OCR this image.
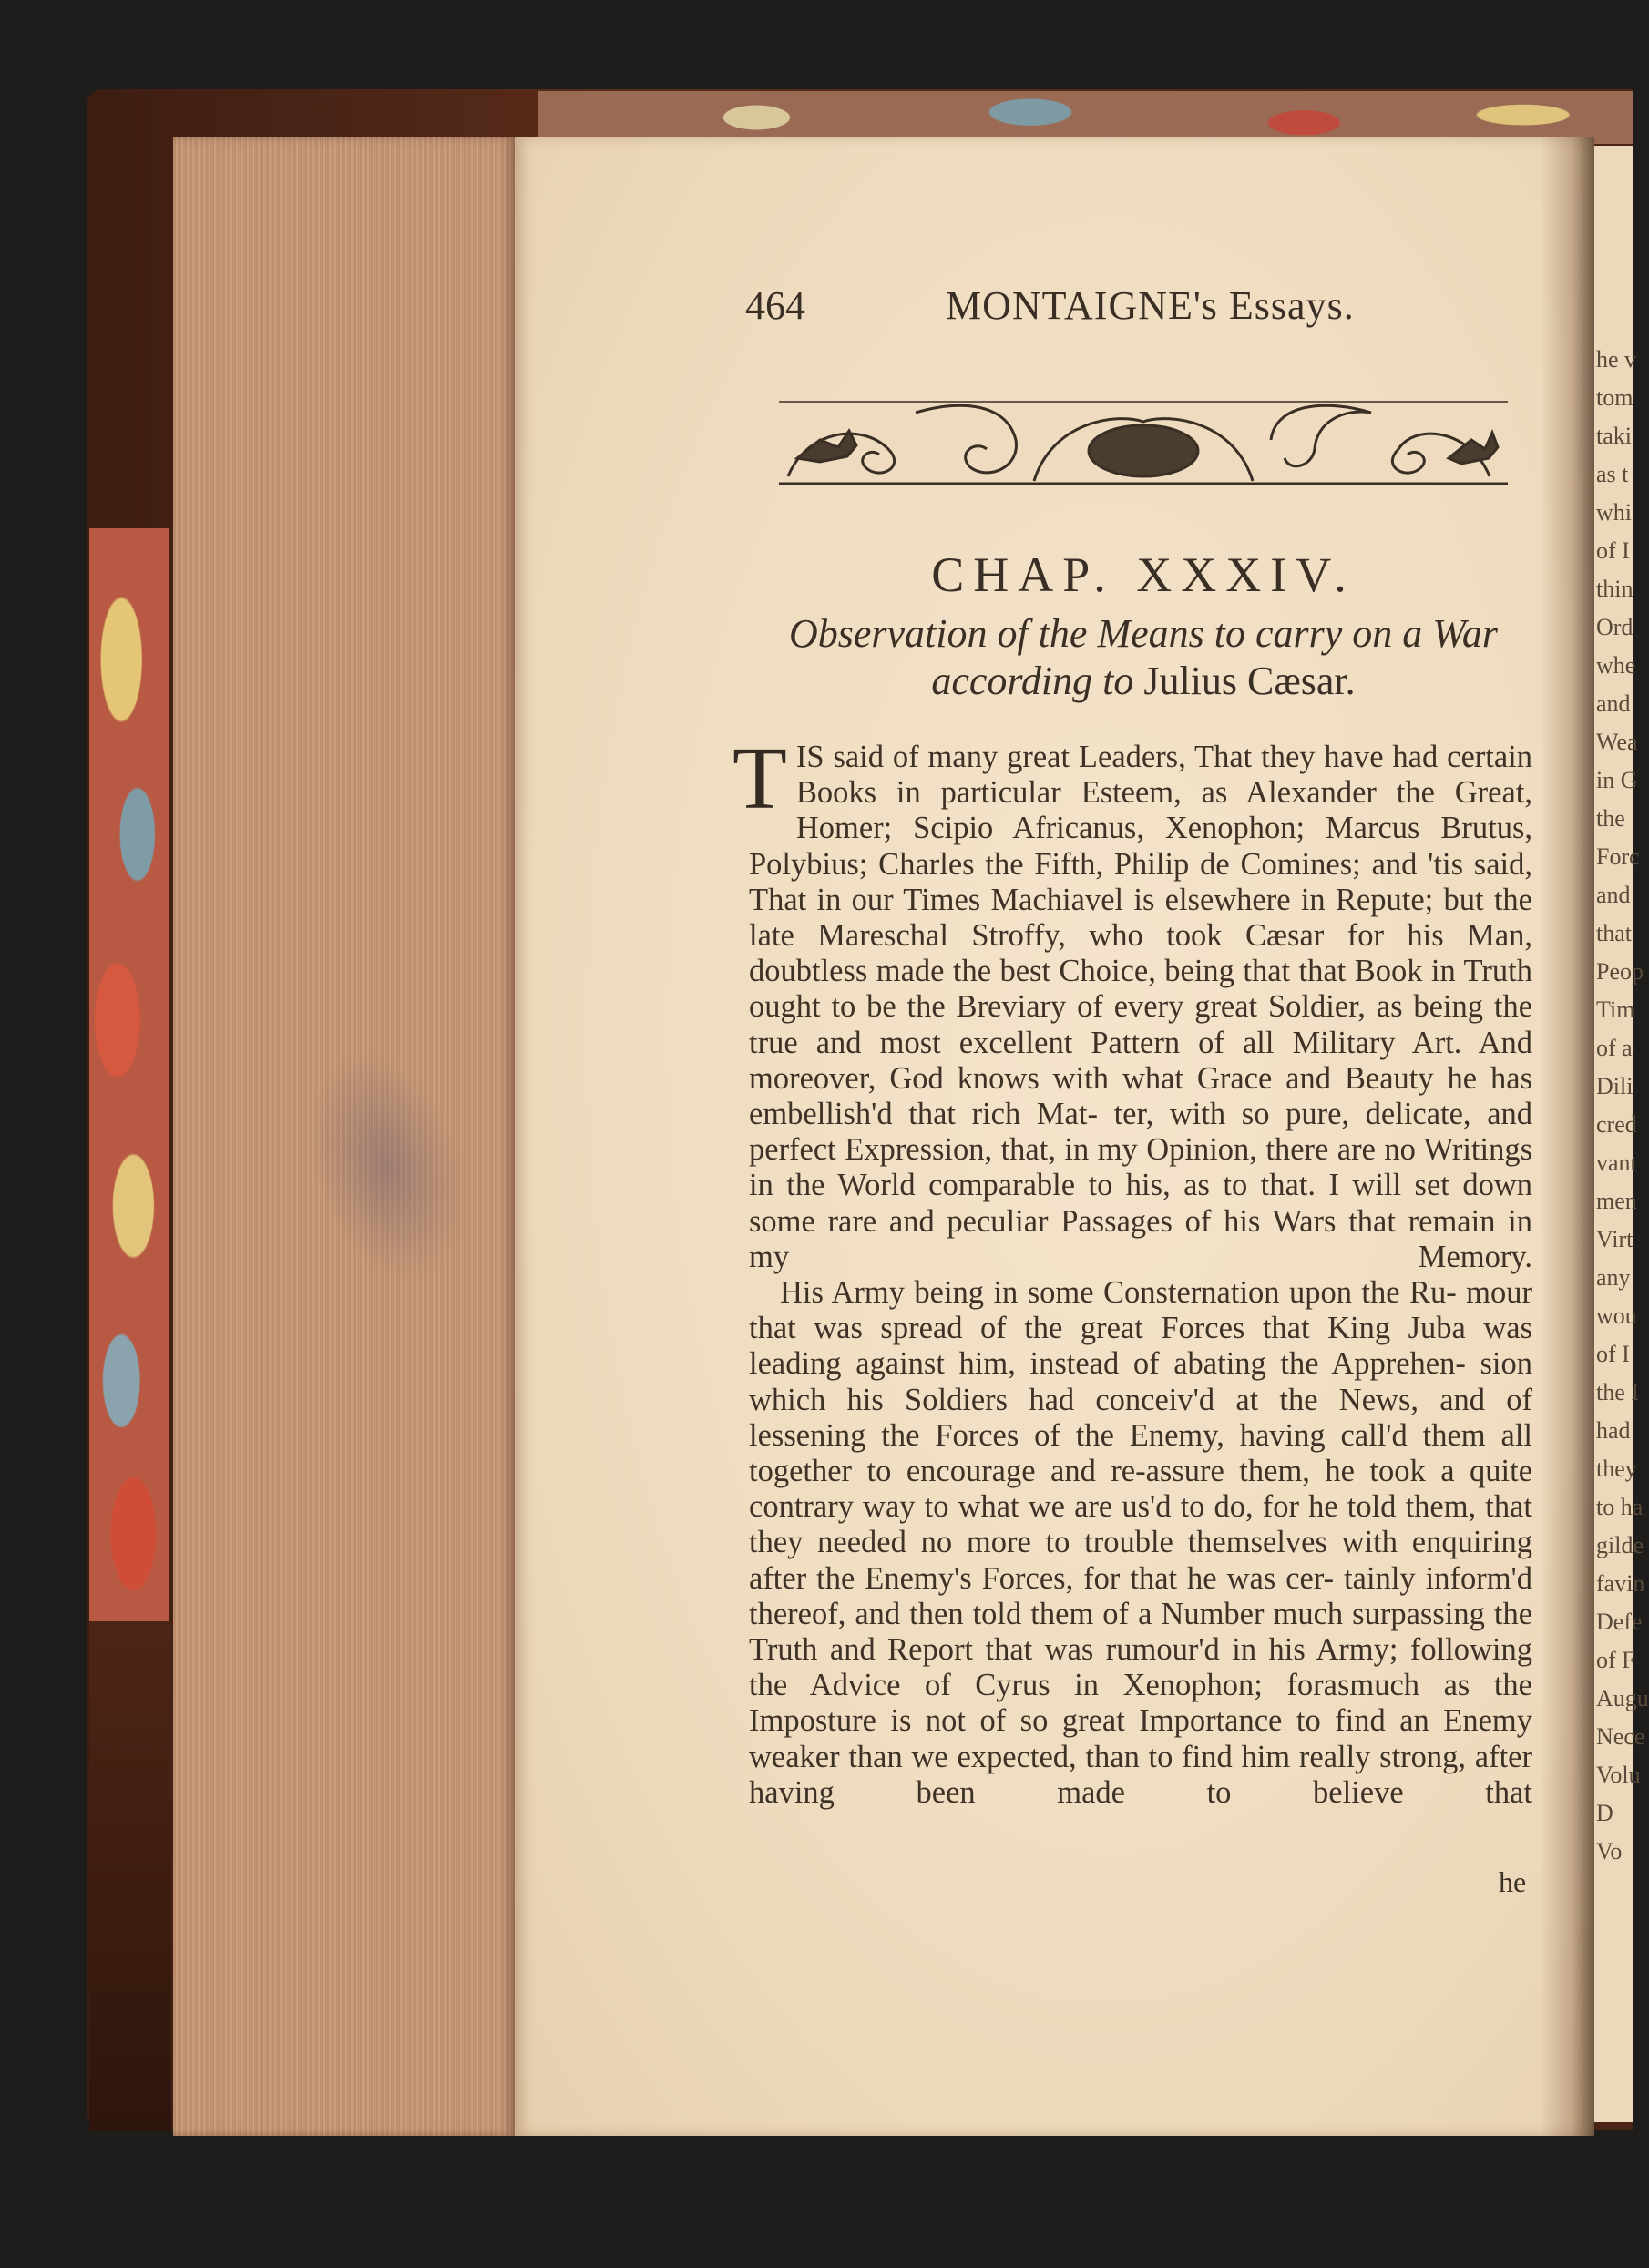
464	MONTAIGNE's Essays.
CHAP. XXXIV.
Observation of the Means to carry on a War according to Julius Cæsar.

TIS said of many great Leaders, That they have had certain Books in particular Esteem, as Alexander the Great, Homer; Scipio Africanus, Xenophon; Marcus Brutus, Polybius; Charles the Fifth, Philip de Comines; and 'tis said, That in our Times Machiavel is elsewhere in Repute; but the late Mareschal Stroffy, who took Cæsar for his Man, doubtless made the best Choice, being that that Book in Truth ought to be the Breviary of every great Soldier, as being the true and most excellent Pattern of all Military Art. And moreover, God knows with what Grace and Beauty he has embellish'd that rich Mat- ter, with so pure, delicate, and perfect Expression, that, in my Opinion, there are no Writings in the World comparable to his, as to that. I will set down some rare and peculiar Passages of his Wars that remain in my	Memory.

His Army being in some Consternation upon the Ru- mour that was spread of the great Forces that King Juba was leading against him, instead of abating the Apprehen- sion which his Soldiers had conceiv'd at the News, and of lessening the Forces of the Enemy, having call'd them all together to encourage and re-assure them, he took a quite contrary way to what we are us'd to do, for he told them, that they needed no more to trouble themselves with enquiring after the Enemy's Forces, for that he was cer- tainly inform'd thereof, and then told them of a Number much surpassing the Truth and Report that was rumour'd in his Army; following the Advice of Cyrus in Xenophon; forasmuch as the Imposture is not of so great Importance to find an Enemy weaker than we expected, than to find him really strong, after having been made to believe that

he
he v
tom
taki
as t
whi
of I
thin
Ord
whe
and
Wea
in G
the
Forc
and
that
Peop
Tim
of a
Dili
cred
vant
men
Virt
any
wou
of I
the I
had
they
to ha
gilde
favin
Defe
of F
Augu
Nece
Volu
D
Vo
